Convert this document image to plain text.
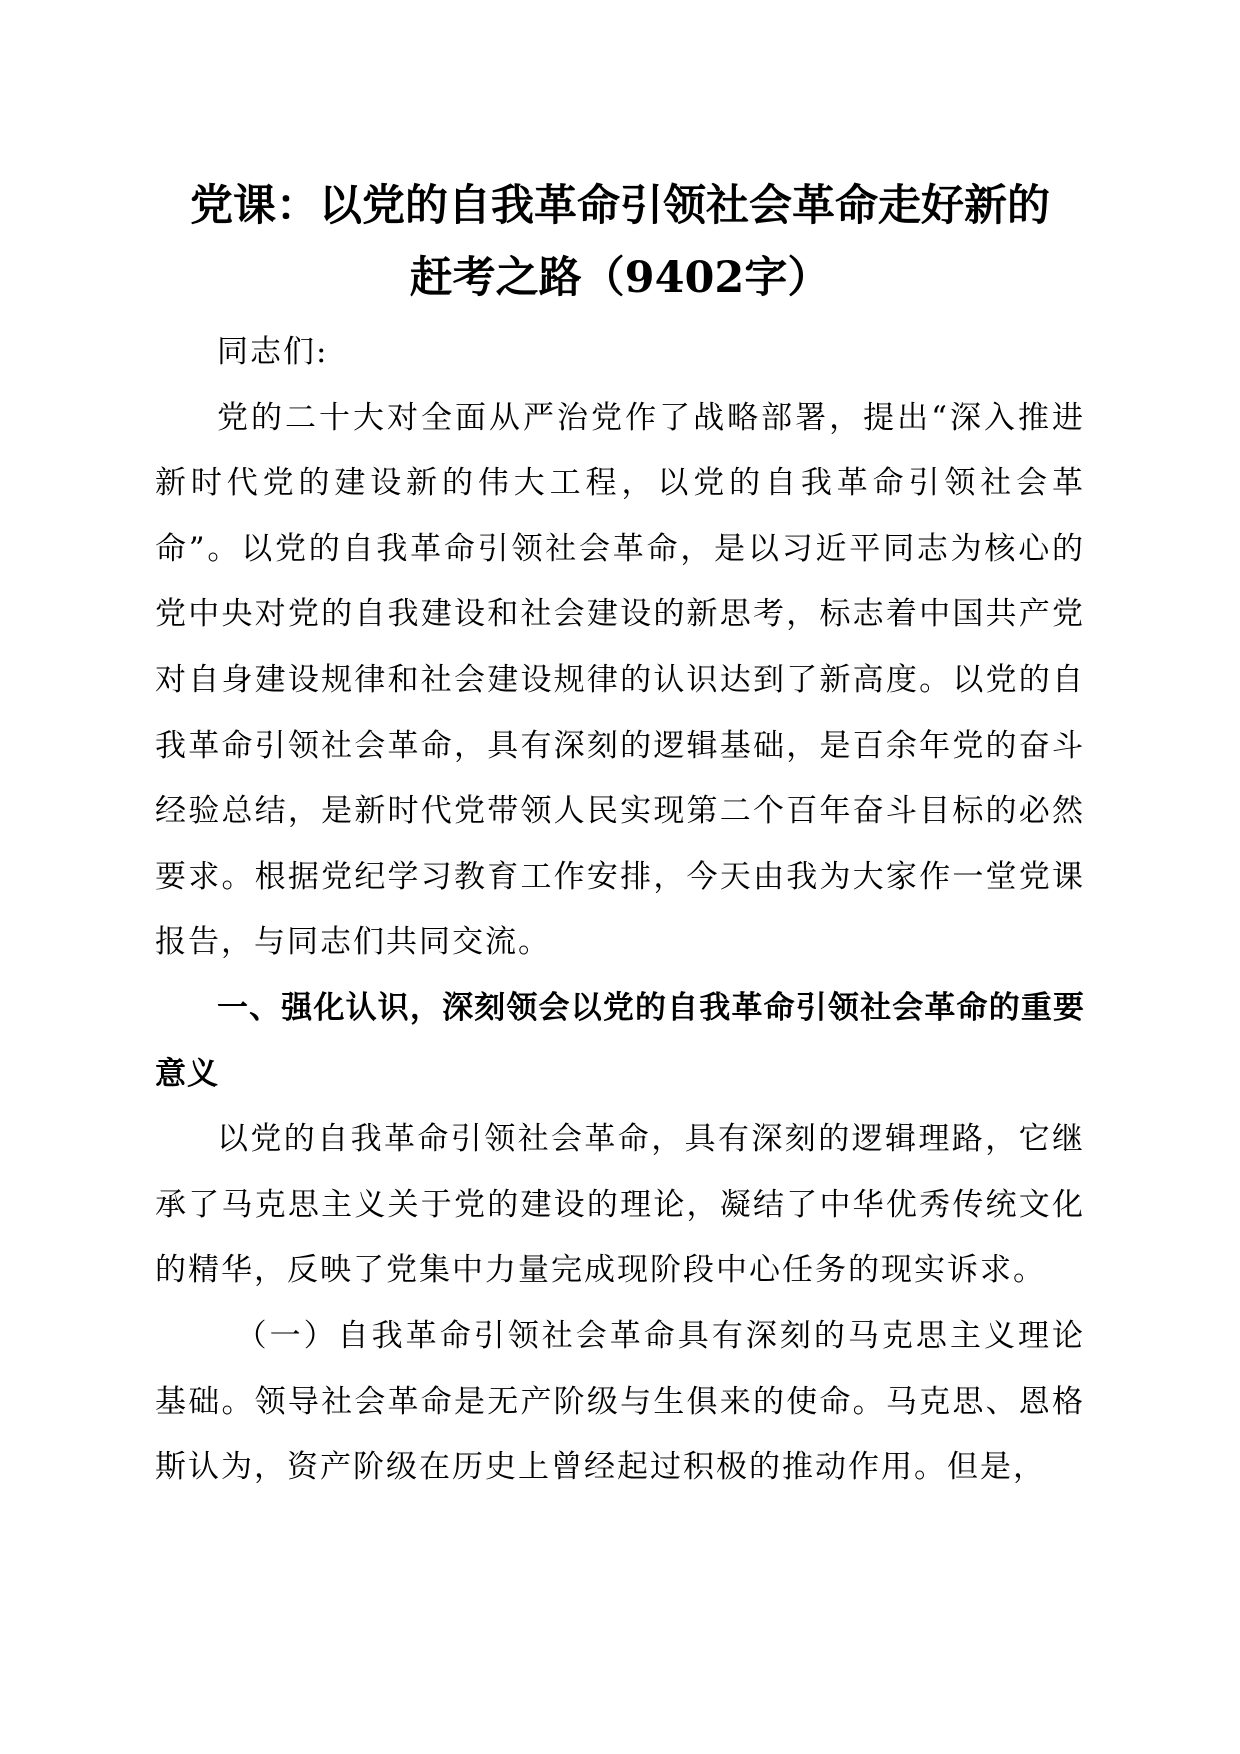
党课：以党的自我革命引领社会革命走好新的
赶考之路（9402字）

同志们:

党的二十大对全面从严治党作了战略部署，提出“深入推进新时代党的建设新的伟大工程，以党的自我革命引领社会革命”。以党的自我革命引领社会革命，是以习近平同志为核心的党中央对党的自我建设和社会建设的新思考，标志着中国共产党对自身建设规律和社会建设规律的认识达到了新高度。以党的自我革命引领社会革命，具有深刻的逻辑基础，是百余年党的奋斗经验总结，是新时代党带领人民实现第二个百年奋斗目标的必然要求。根据党纪学习教育工作安排，今天由我为大家作一堂党课报告，与同志们共同交流。

一、强化认识，深刻领会以党的自我革命引领社会革命的重要意义

以党的自我革命引领社会革命，具有深刻的逻辑理路，它继承了马克思主义关于党的建设的理论，凝结了中华优秀传统文化的精华，反映了党集中力量完成现阶段中心任务的现实诉求。

（一）自我革命引领社会革命具有深刻的马克思主义理论基础。领导社会革命是无产阶级与生俱来的使命。马克思、恩格斯认为，资产阶级在历史上曾经起过积极的推动作用。但是，
